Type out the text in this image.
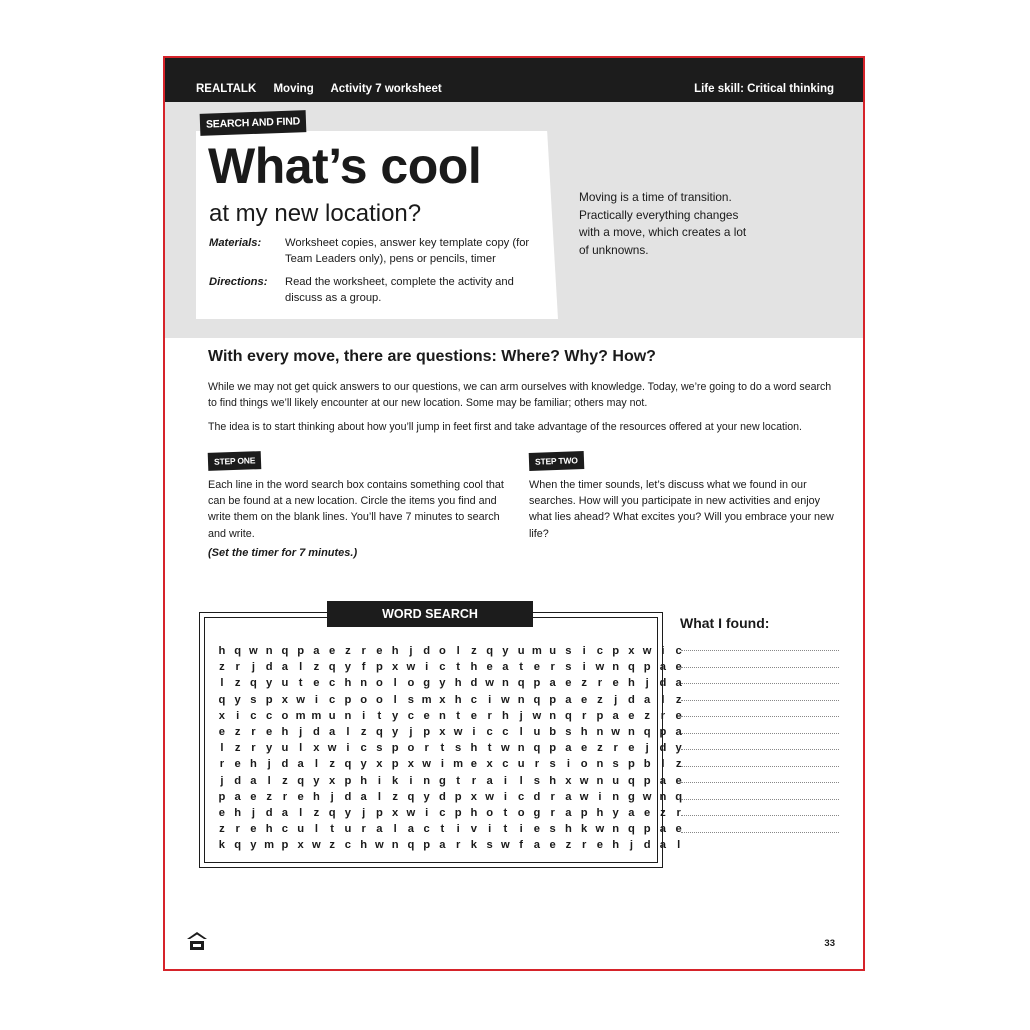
REALTALK Moving Activity 7 worksheet	Life skill: Critical thinking
SEARCH AND FIND
What’s cool
at my new location?
Materials: Worksheet copies, answer key template copy (for Team Leaders only), pens or pencils, timer
Directions: Read the worksheet, complete the activity and discuss as a group.
Moving is a time of transition. Practically everything changes with a move, which creates a lot of unknowns.
With every move, there are questions: Where? Why? How?
While we may not get quick answers to our questions, we can arm ourselves with knowledge. Today, we’re going to do a word search to find things we’ll likely encounter at our new location. Some may be familiar; others may not.
The idea is to start thinking about how you’ll jump in feet first and take advantage of the resources offered at your new location.
STEP ONE
Each line in the word search box contains something cool that can be found at a new location. Circle the items you find and write them on the blank lines. You’ll have 7 minutes to search and write.
(Set the timer for 7 minutes.)
STEP TWO
When the timer sounds, let’s discuss what we found in our searches. How will you participate in new activities and enjoy what lies ahead? What excites you? Will you embrace your new life?
WORD SEARCH
h q w n q p a e z r e h j d o l z q y u m u s i c p x w i c
z r j d a l z q y f p x w i c t h e a t e r s i w n q p a e
l z q y u t e c h n o l o g y h d w n q p a e z r e h j d a
q y s p x w i c p o o l s m x h c i w n q p a e z j d a l z
x i c c o m m u n i t y c e n t e r h j w n q r p a e z r e
e z r e h j d a l z q y j p x w i c c l u b s h n w n q p a
l z r y u l x w i c s p o r t s h t w n q p a e z r e j d y
r e h j d a l z q y x p x w i m e x c u r s i o n s p b l z
j d a l z q y x p h i k i n g t r a i l s h x w n u q p a e
p a e z r e h j d a l z q y d p x w i c d r a w i n g w n q
e h j d a l z q y j p x w i c p h o t o g r a p h y a e z r
z r e h c u l t u r a l a c t i v i t i e s h k w n q p a e
k q y m p x w z c h w n q p a r k s w f a e z r e h j d a l
What I found:
33
